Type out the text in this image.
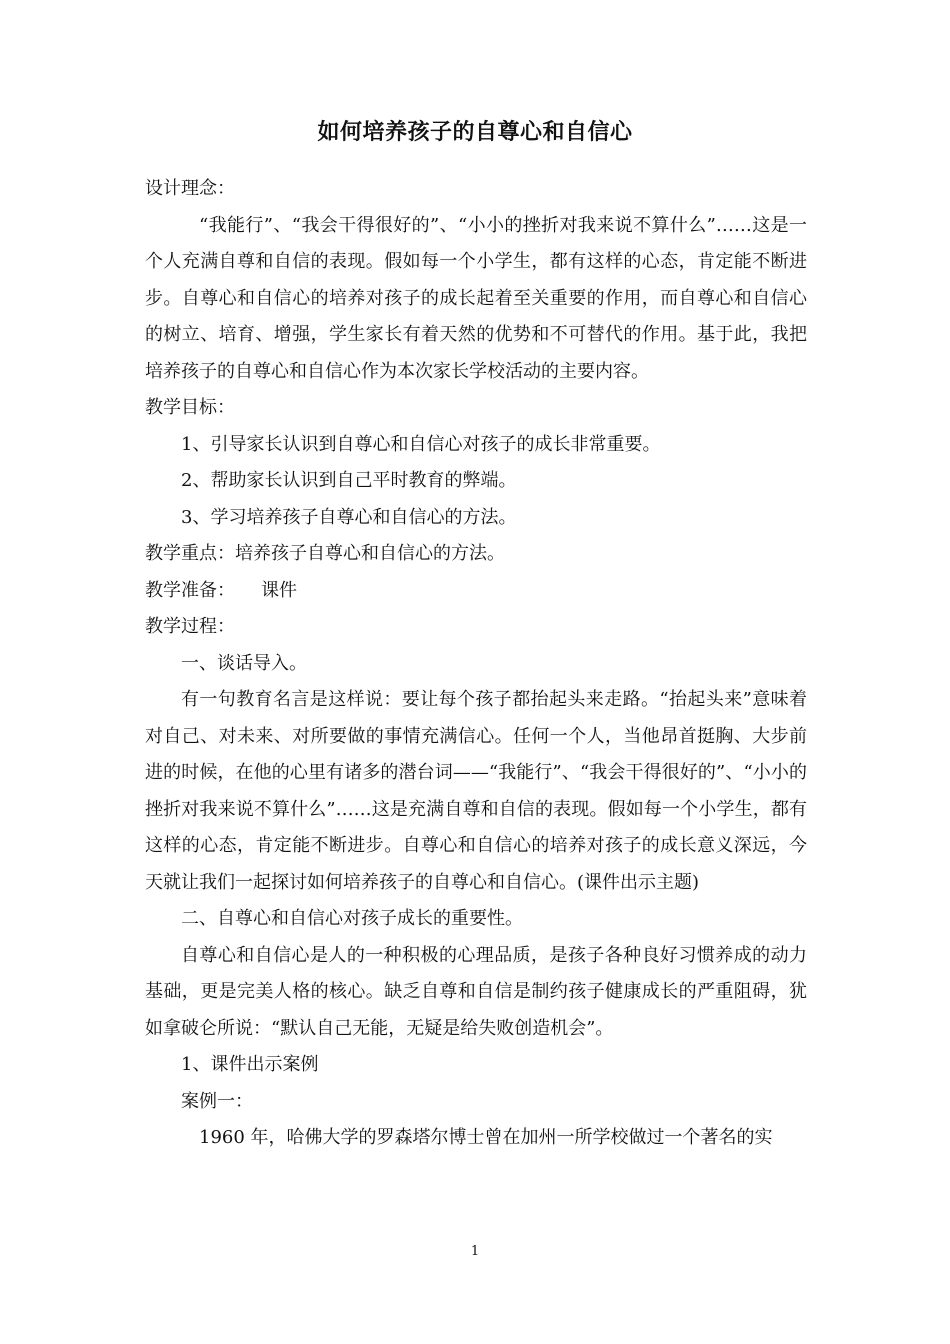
如何培养孩子的自尊心和自信心

设计理念：

“我能行”、“我会干得很好的”、“小小的挫折对我来说不算什么”……这是一个人充满自尊和自信的表现。假如每一个小学生，都有这样的心态，肯定能不断进步。自尊心和自信心的培养对孩子的成长起着至关重要的作用，而自尊心和自信心的树立、培育、增强，学生家长有着天然的优势和不可替代的作用。基于此，我把培养孩子的自尊心和自信心作为本次家长学校活动的主要内容。

教学目标：

1、引导家长认识到自尊心和自信心对孩子的成长非常重要。

2、帮助家长认识到自己平时教育的弊端。

3、学习培养孩子自尊心和自信心的方法。

教学重点：培养孩子自尊心和自信心的方法。

教学准备： 课件

教学过程：

一、谈话导入。

有一句教育名言是这样说：要让每个孩子都抬起头来走路。“抬起头来”意味着对自己、对未来、对所要做的事情充满信心。任何一个人，当他昂首挺胸、大步前进的时候，在他的心里有诸多的潜台词——“我能行”、“我会干得很好的”、“小小的挫折对我来说不算什么”……这是充满自尊和自信的表现。假如每一个小学生，都有这样的心态，肯定能不断进步。自尊心和自信心的培养对孩子的成长意义深远，今天就让我们一起探讨如何培养孩子的自尊心和自信心。(课件出示主题)

二、自尊心和自信心对孩子成长的重要性。

自尊心和自信心是人的一种积极的心理品质，是孩子各种良好习惯养成的动力基础，更是完美人格的核心。缺乏自尊和自信是制约孩子健康成长的严重阻碍，犹如拿破仑所说：“默认自己无能，无疑是给失败创造机会”。

1、课件出示案例

案例一：

1960 年，哈佛大学的罗森塔尔博士曾在加州一所学校做过一个著名的实

1
